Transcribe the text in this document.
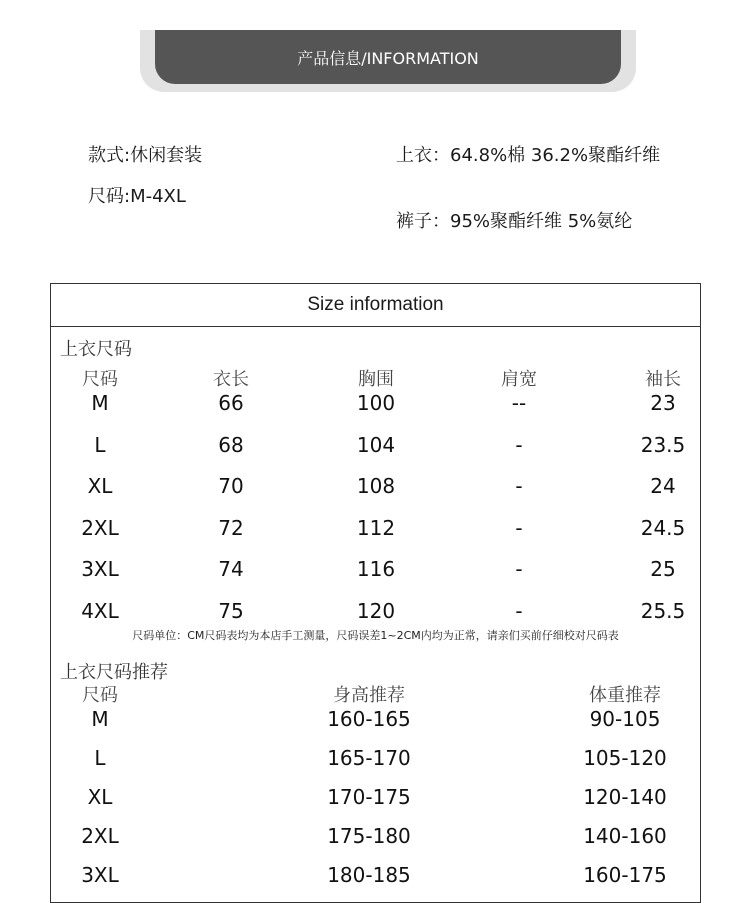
产品信息/INFORMATION
款式:休闲套装
尺码:M-4XL
上衣：64.8%棉 36.2%聚酯纤维
裤子：95%聚酯纤维 5%氨纶
Size information
上衣尺码
尺码单位：CM尺码表均为本店手工测量，尺码误差1~2CM内均为正常，请亲们买前仔细校对尺码表
上衣尺码推荐
尺码	衣长	胸围	肩宽	袖长
M	66	100	--	23
L	68	104	-	23.5
XL	70	108	-	24
2XL	72	112	-	24.5
3XL	74	116	-	25
4XL	75	120	-	25.5
尺码	身高推荐	体重推荐
M	160-165	90-105
L	165-170	105-120
XL	170-175	120-140
2XL	175-180	140-160
3XL	180-185	160-175
